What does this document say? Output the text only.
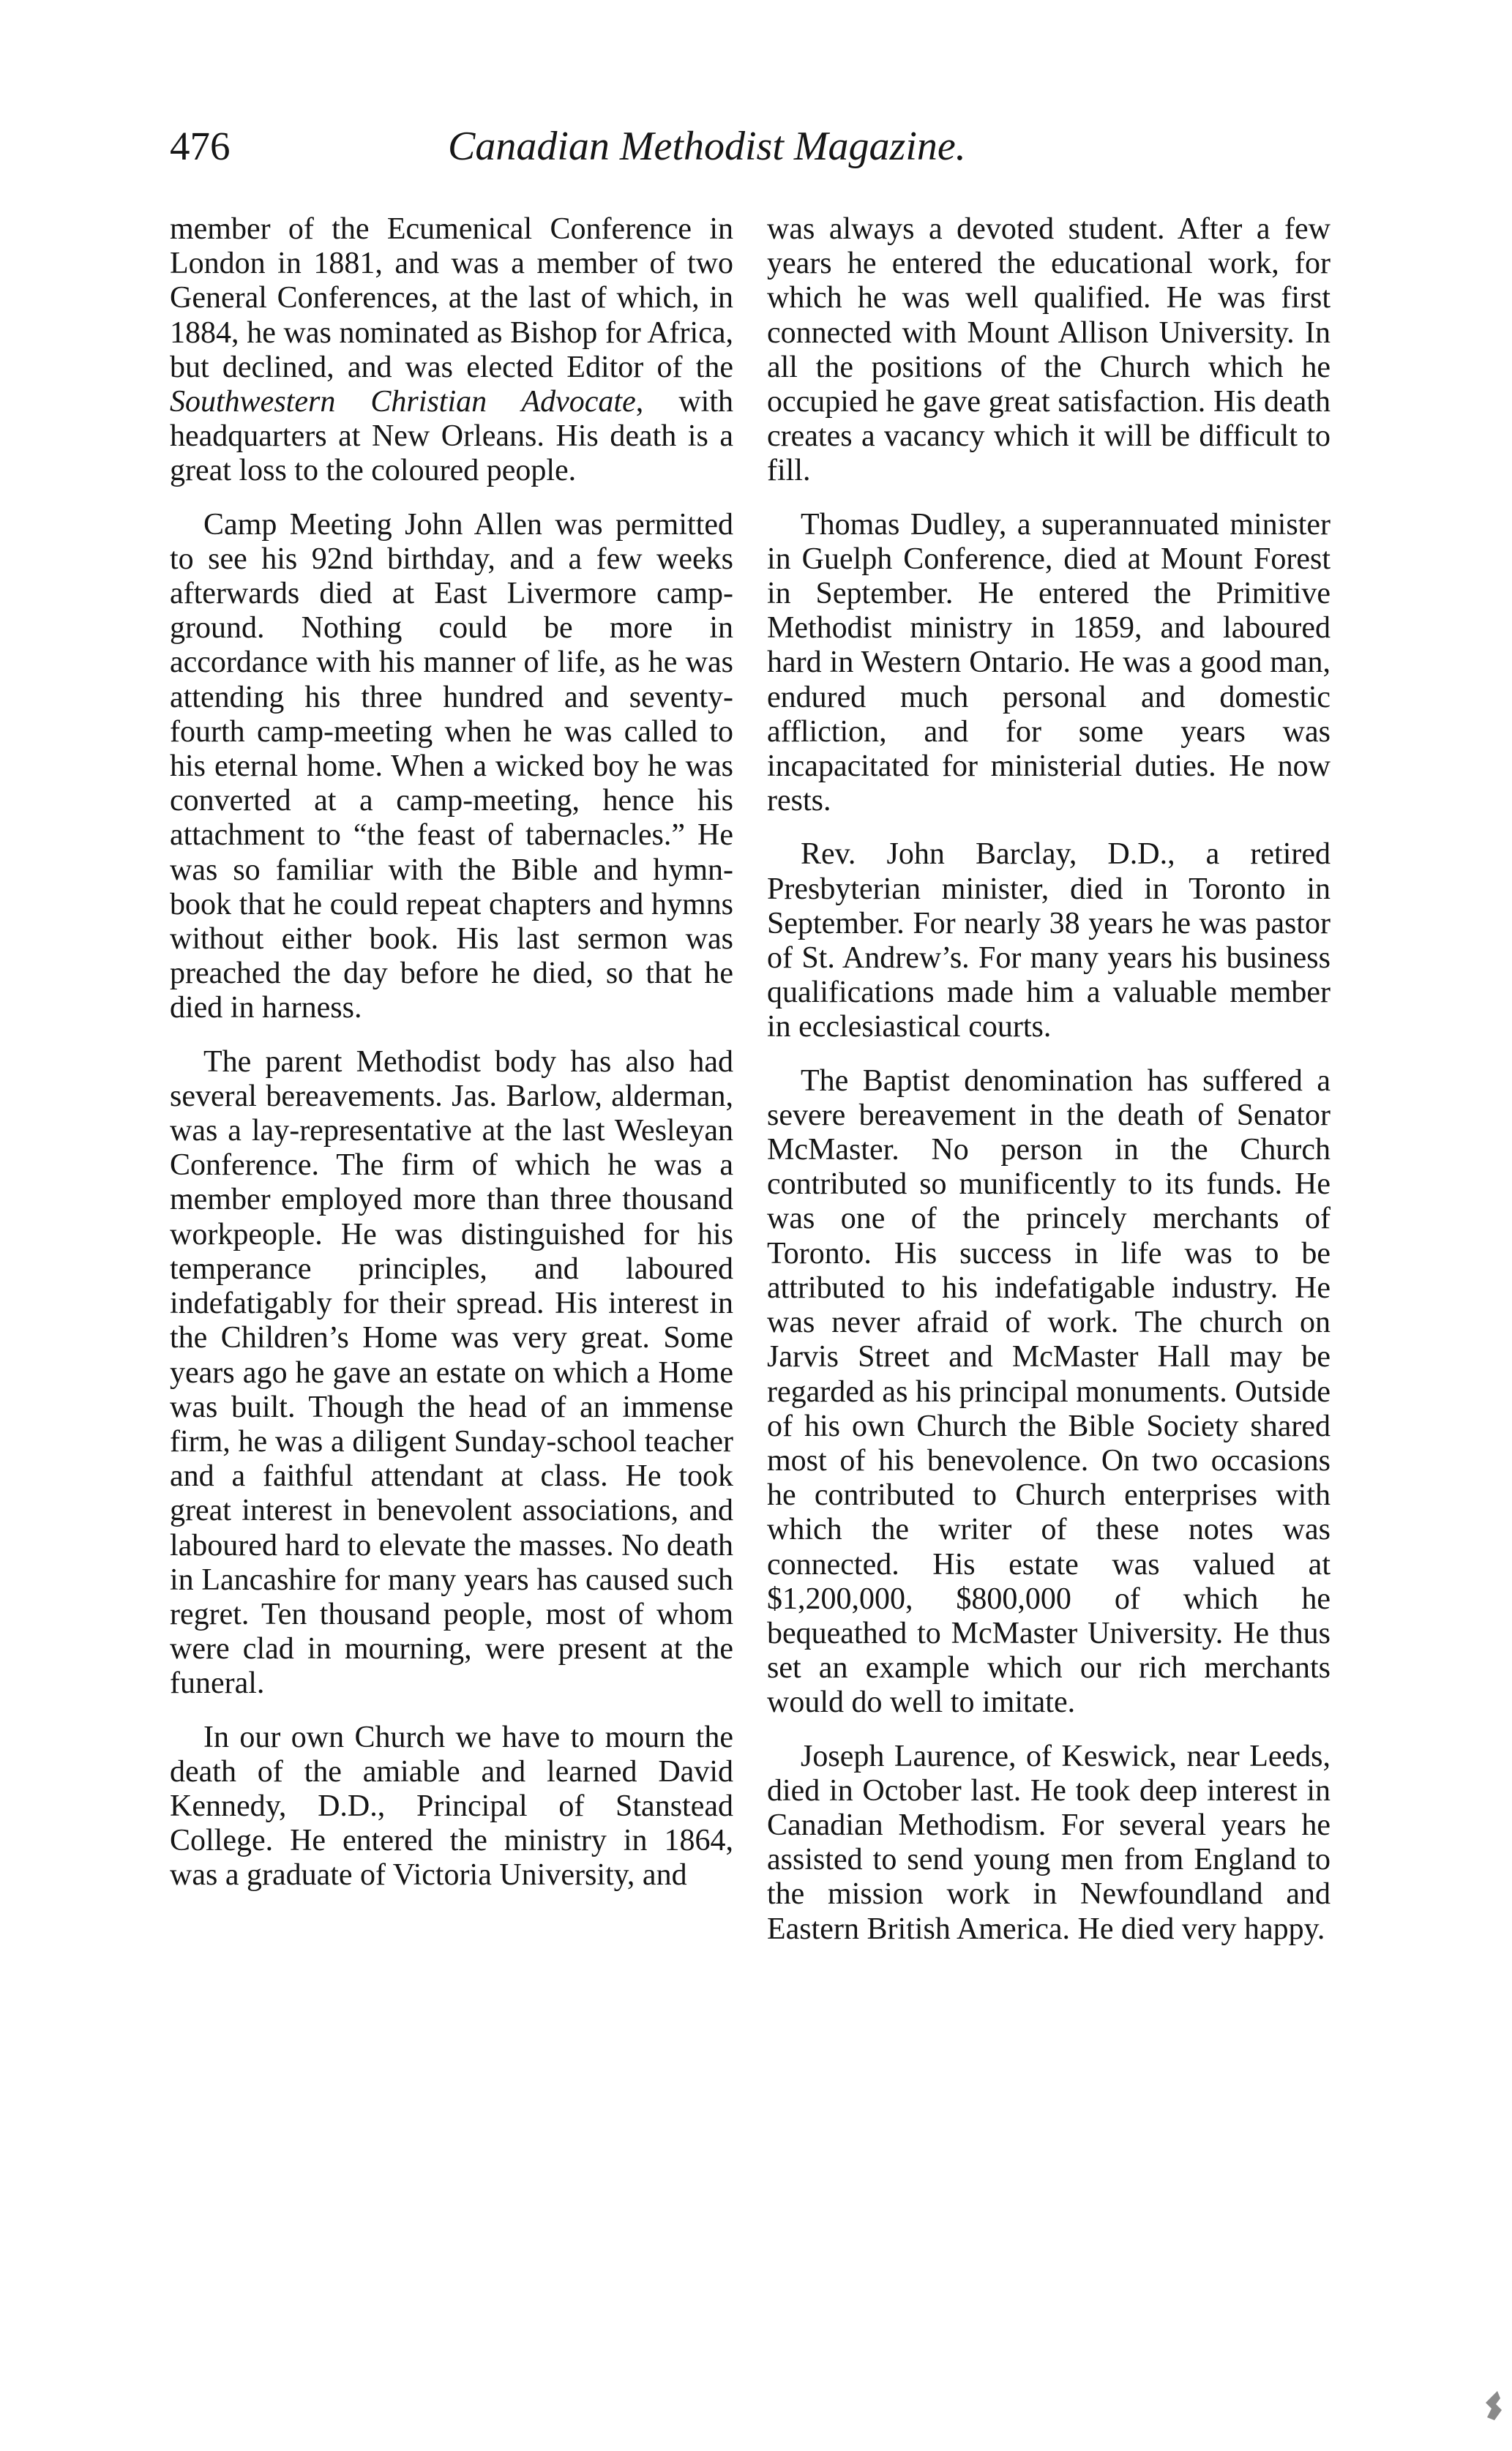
476	Canadian Methodist Magazine.

member of the Ecumenical Conference in London in 1881, and was a member of two General Conferences, at the last of which, in 1884, he was nominated as Bishop for Africa, but declined, and was elected Editor of the Southwestern Christian Advocate, with headquarters at New Orleans. His death is a great loss to the coloured people.

Camp Meeting John Allen was permitted to see his 92nd birthday, and a few weeks afterwards died at East Livermore camp-ground. Nothing could be more in accordance with his manner of life, as he was attending his three hundred and seventy-fourth camp-meeting when he was called to his eternal home. When a wicked boy he was converted at a camp-meeting, hence his attachment to “the feast of tabernacles.” He was so familiar with the Bible and hymn-book that he could repeat chapters and hymns without either book. His last sermon was preached the day before he died, so that he died in harness.

The parent Methodist body has also had several bereavements. Jas. Barlow, alderman, was a lay-representative at the last Wesleyan Conference. The firm of which he was a member employed more than three thousand workpeople. He was distinguished for his temperance principles, and laboured indefatigably for their spread. His interest in the Children’s Home was very great. Some years ago he gave an estate on which a Home was built. Though the head of an immense firm, he was a diligent Sunday-school teacher and a faithful attendant at class. He took great interest in benevolent associations, and laboured hard to elevate the masses. No death in Lancashire for many years has caused such regret. Ten thousand people, most of whom were clad in mourning, were present at the funeral.

In our own Church we have to mourn the death of the amiable and learned David Kennedy, D.D., Principal of Stanstead College. He entered the ministry in 1864, was a graduate of Victoria University, and

was always a devoted student. After a few years he entered the educational work, for which he was well qualified. He was first connected with Mount Allison University. In all the positions of the Church which he occupied he gave great satisfaction. His death creates a vacancy which it will be difficult to fill.

Thomas Dudley, a superannuated minister in Guelph Conference, died at Mount Forest in September. He entered the Primitive Methodist ministry in 1859, and laboured hard in Western Ontario. He was a good man, endured much personal and domestic affliction, and for some years was incapacitated for ministerial duties. He now rests.

Rev. John Barclay, D.D., a retired Presbyterian minister, died in Toronto in September. For nearly 38 years he was pastor of St. Andrew’s. For many years his business qualifications made him a valuable member in ecclesiastical courts.

The Baptist denomination has suffered a severe bereavement in the death of Senator McMaster. No person in the Church contributed so munificently to its funds. He was one of the princely merchants of Toronto. His success in life was to be attributed to his indefatigable industry. He was never afraid of work. The church on Jarvis Street and McMaster Hall may be regarded as his principal monuments. Outside of his own Church the Bible Society shared most of his benevolence. On two occasions he contributed to Church enterprises with which the writer of these notes was connected. His estate was valued at $1,200,000, $800,000 of which he bequeathed to McMaster University. He thus set an example which our rich merchants would do well to imitate.

Joseph Laurence, of Keswick, near Leeds, died in October last. He took deep interest in Canadian Methodism. For several years he assisted to send young men from England to the mission work in Newfoundland and Eastern British America. He died very happy.
